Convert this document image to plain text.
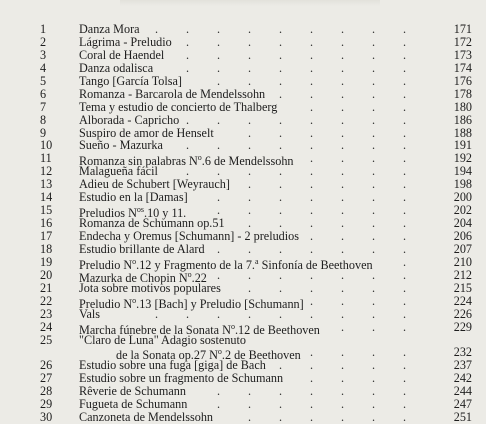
1	Danza Mora	171
. . . . . . . . .
2	Lágrima - Preludio	172
. . . . . . . .
3	Coral de Haendel	173
. . . . . . . .
4	Danza odalisca	174
. . . . . . . .
5	Tango [García Tolsa]	176
. . . . . . .
6	Romanza - Barcarola de Mendelssohn	178
. . . . .
7	Tema y estudio de concierto de Thalberg	180
. . . .
8	Alborada - Capricho	186
. . . . . . . .
9	Suspiro de amor de Henselt	188
. . . . . .
10	Sueño - Mazurka	191
. . . . . . . .
11	Romanza sin palabras $N^o.6$ de Mendelssohn	192
. . . .
12	Malagueña fácil	194
. . . . . . . .
13	Adieu de Schubert [Weyrauch]	198
. . . . . .
14	Estudio en la [Damas]	200
. . . . . . .
15	Preludios $N^{os}.10$ y 11.	202
. . . . . . .
16	Romanza de Schumann op.51	204
. . . . . .
17	Endecha y Oremus [Schumann] - 2 preludios	206
. . . .
18	Estudio brillante de Alard	207
. . . . . . .
19	Preludio $N^o.12$ y Fragmento de la 7.$^a$ Sinfonía de Beethoven	210
.
20	Mazurka de Chopin $N^o.22$	212
. . . . . . .
21	Jota sobre motivos populares	215
. . . . . .
22	Preludio $N^o.13$ [Bach] y Preludio [Schumann]	224
. . . .
23	Vals	226
. . . . . . . . .
24	Marcha fúnebre de la Sonata $N^o.12$ de Beethoven	229
. . .
25	"Claro de Luna" Adagio sostenuto
de la Sonata op.27 $N^o.2$ de Beethoven	232
. . . .
26	Estudio sobre una fuga [giga] de Bach	237
. . . . .
27	Estudio sobre un fragmento de Schumann	242
. . . .
28	Rêverie de Schumann	244
. . . . . . .
29	Fugueta de Schumann	247
. . . . . . .
30	Canzoneta de Mendelssohn	251
. . . . . .
